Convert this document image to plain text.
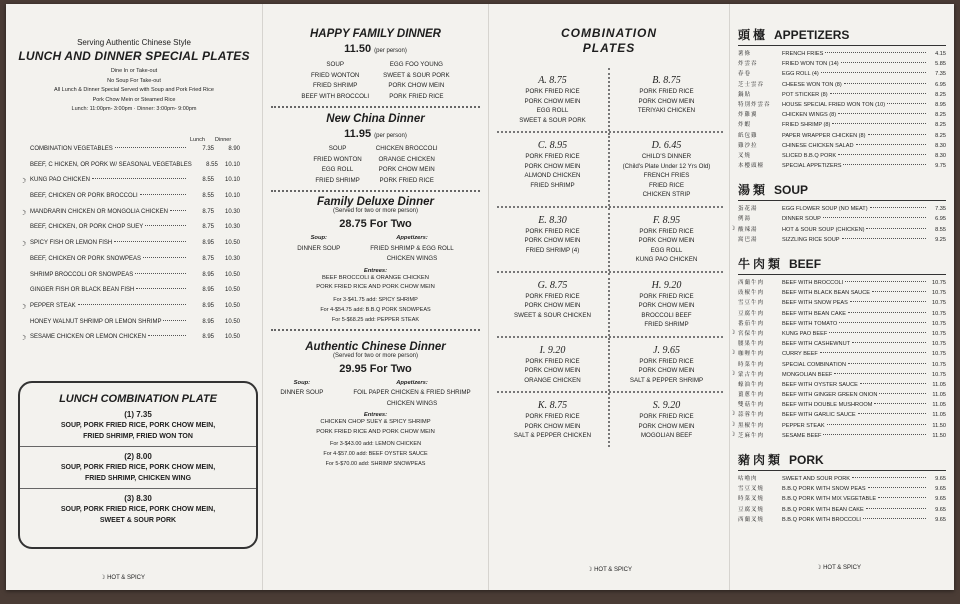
Serving Authentic Chinese Style
LUNCH AND DINNER SPECIAL PLATES
Dine In or Take-out
No Soup For Take-out
All Lunch & Dinner Special Served with Soup and Pork Fried Rice
Pork Chow Mein or Steamed Rice
Lunch: 11:00pm- 3:00pm · Dinner: 3:00pm- 9:00pm
Lunch Dinner
COMBINATION VEGETABLES	7.35	8.90
BEEF, C HICKEN, OR PORK W/ SEASONAL VEGETABLES	8.55	10.10
☽ KUNG PAO CHICKEN	8.55	10.10
BEEF, CHICKEN OR PORK BROCCOLI	8.55	10.10
☽ MANDRARIN CHICKEN OR MONGOLIA CHICKEN	8.75	10.30
BEEF, CHICKEN, OR PORK CHOP SUEY	8.75	10.30
☽ SPICY FISH OR LEMON FISH	8.95	10.50
BEEF, CHICKEN OR PORK SNOWPEAS	8.75	10.30
SHRIMP BROCCOLI OR SNOWPEAS	8.95	10.50
GINGER FISH OR BLACK BEAN FISH	8.95	10.50
☽ PEPPER STEAK	8.95	10.50
HONEY WALNUT SHRIMP OR LEMON SHRIMP	8.95	10.50
☽ SESAME CHICKEN OR LEMON CHICKEN	8.95	10.50
LUNCH COMBINATION PLATE
(1) 7.35
SOUP, PORK FRIED RICE, PORK CHOW MEIN,
FRIED SHRIMP, FRIED WON TON
(2) 8.00
SOUP, PORK FRIED RICE, PORK CHOW MEIN,
FRIED SHRIMP, CHICKEN WING
(3) 8.30
SOUP, PORK FRIED RICE, PORK CHOW MEIN,
SWEET & SOUR PORK
☽ HOT & SPICY
HAPPY FAMILY DINNER
11.50 (per person)
SOUP
FRIED WONTON
FRIED SHRIMP
BEEF WITH BROCCOLI
EGG FOO YOUNG
SWEET & SOUR PORK
PORK CHOW MEIN
PORK FRIED RICE
New China Dinner
11.95 (per person)
SOUP
FRIED WONTON
EGG ROLL
FRIED SHRIMP
CHICKEN BROCCOLI
ORANGE CHICKEN
PORK CHOW MEIN
PORK FRIED RICE
Family Deluxe Dinner
(Served for two or more person)
28.75 For Two
Soup:
DINNER SOUP
Appetizers:
FRIED SHRIMP & EGG ROLL
CHICKEN WINGS
Entrees:
BEEF BROCCOLI & ORANGE CHICKEN
PORK FRIED RICE AND PORK CHOW MEIN
For 3-$41.75 add: SPICY SHRIMP
For 4-$54.75 add: B.B.Q PORK SNOWPEAS
For 5-$68.25 add: PEPPER STEAK
Authentic Chinese Dinner
(Served for two or more person)
29.95 For Two
Soup:
DINNER SOUP
Appetizers:
FOIL PAPER CHICKEN & FRIED SHRIMP
CHICKEN WINGS
Entrees:
CHICKEN CHOP SUEY & SPICY SHRIMP
PORK FRIED RICE AND PORK CHOW MEIN
For 3-$43.00 add: LEMON CHICKEN
For 4-$57.00 add: BEEF OYSTER SAUCE
For 5-$70.00 add: SHRIMP SNOWPEAS
COMBINATION
PLATES
A. 8.75
PORK FRIED RICE
PORK CHOW MEIN
EGG ROLL
SWEET & SOUR PORK
B. 8.75
PORK FRIED RICE
PORK CHOW MEIN
TERIYAKI CHICKEN
C. 8.95
PORK FRIED RICE
PORK CHOW MEIN
ALMOND CHICKEN
FRIED SHRIMP
D. 6.45
CHILD'S DINNER
(Child's Plate Under 12 Yrs Old)
FRENCH FRIES
FRIED RICE
CHICKEN STRIP
E. 8.30
PORK FRIED RICE
PORK CHOW MEIN
FRIED SHRIMP (4)
F. 8.95
PORK FRIED RICE
PORK CHOW MEIN
EGG ROLL
KUNG PAO CHICKEN
G. 8.75
PORK FRIED RICE
PORK CHOW MEIN
SWEET & SOUR CHICKEN
H. 9.20
PORK FRIED RICE
PORK CHOW MEIN
BROCCOLI BEEF
FRIED SHRIMP
I. 9.20
PORK FRIED RICE
PORK CHOW MEIN
ORANGE CHICKEN
J. 9.65
PORK FRIED RICE
PORK CHOW MEIN
SALT & PEPPER SHRIMP
K. 8.75
PORK FRIED RICE
PORK CHOW MEIN
SALT & PEPPER CHICKEN
S. 9.20
PORK FRIED RICE
PORK CHOW MEIN
MOGOLIAN BEEF
☽ HOT & SPICY
頭檯 APPETIZERS
薯條	FRENCH FRIES	4.15
炸雲吞	FRIED WON TON (14)	5.85
春卷	EGG ROLL (4)	7.35
芝士雲吞	CHEESE WON TON (8)	6.95
鍋貼	POT STICKER (8)	8.25
特別炸雲吞	HOUSE SPECIAL FRIED WON TON (10)	8.95
炸雞翼	CHICKEN WINGS (8)	8.25
炸蝦	FRIED SHRIMP (8)	8.25
紙包雞	PAPER WRAPPER CHICKEN (8)	8.25
雞沙拉	CHINESE CHICKEN SALAD	8.30
叉燒	SLICED B.B.Q PORK	8.30
本樓頭檯	SPECIAL APPETIZERS	9.75
湯類 SOUP
蛋花湯	EGG FLOWER SOUP (NO MEAT)	7.35
例湯	DINNER SOUP	6.95
☽ 酸辣湯	HOT & SOUR SOUP (CHICKEN)	8.55
窩巴湯	SIZZLING RICE SOUP	9.25
牛肉類 BEEF
西蘭牛肉	BEEF WITH BROCCOLI	10.75
豉椒牛肉	BEEF WITH BLACK BEAN SAUCE	10.75
雪豆牛肉	BEEF WITH SNOW PEAS	10.75
豆腐牛肉	BEEF WITH BEAN CAKE	10.75
番茄牛肉	BEEF WITH TOMATO	10.75
☽ 宮保牛肉	KUNG PAO BEEF	10.75
腰果牛肉	BEEF WITH CASHEWNUT	10.75
☽ 咖喱牛肉	CURRY BEEF	10.75
時菜牛肉	SPECIAL COMBINATION	10.75
☽ 蒙古牛肉	MONGOLIAN BEEF	10.75
蠔油牛肉	BEEF WITH OYSTER SAUCE	11.05
薑蔥牛肉	BEEF WITH GINGER GREEN ONION	11.05
雙菇牛肉	BEEF WITH DOUBLE MUSHROOM	11.05
☽ 蒜蓉牛肉	BEEF WITH GARLIC SAUCE	11.05
☽ 黑椒牛肉	PEPPER STEAK	11.50
☽ 芝麻牛肉	SESAME BEEF	11.50
豬肉類 PORK
咕嚕肉	SWEET AND SOUR PORK	9.65
雪豆叉燒	B.B.Q PORK WITH SNOW PEAS	9.65
時菜叉燒	B.B.Q PORK WITH MIX VEGETABLE	9.65
豆腐叉燒	B.B.Q PORK WITH BEAN CAKE	9.65
西蘭叉燒	B.B.Q PORK WITH BROCCOLI	9.65
☽ HOT & SPICY
